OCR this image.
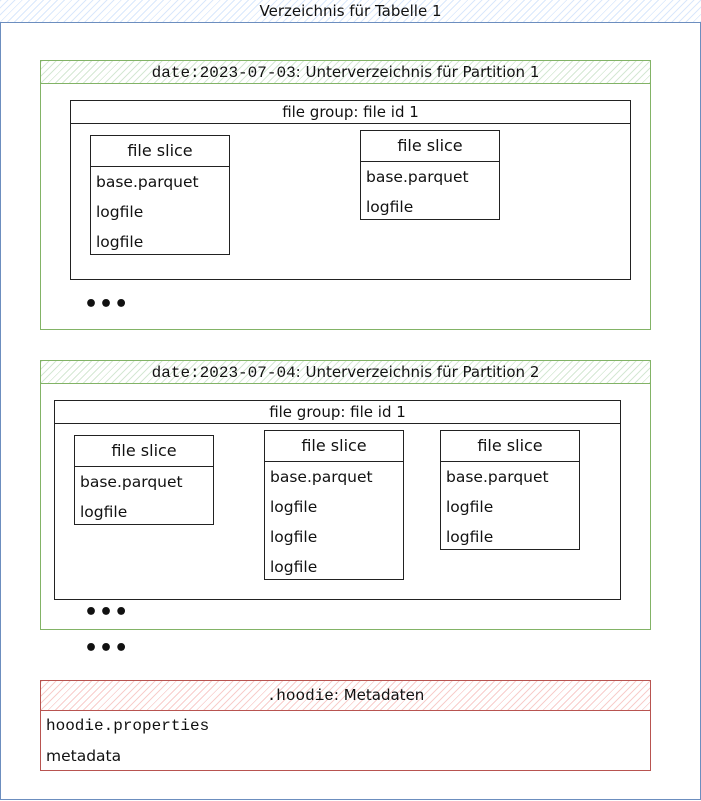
Verzeichnis für Tabelle 1
date:2023-07-03: Unterverzeichnis für Partition 1
file group: file id 1
file slice
base.parquet
logfile
logfile
file slice
base.parquet
logfile
•••
date:2023-07-04: Unterverzeichnis für Partition 2
file group: file id 1
file slice
base.parquet
logfile
file slice
base.parquet
logfile
logfile
logfile
file slice
base.parquet
logfile
logfile
•••
•••
.hoodie: Metadaten
hoodie.properties
metadata
